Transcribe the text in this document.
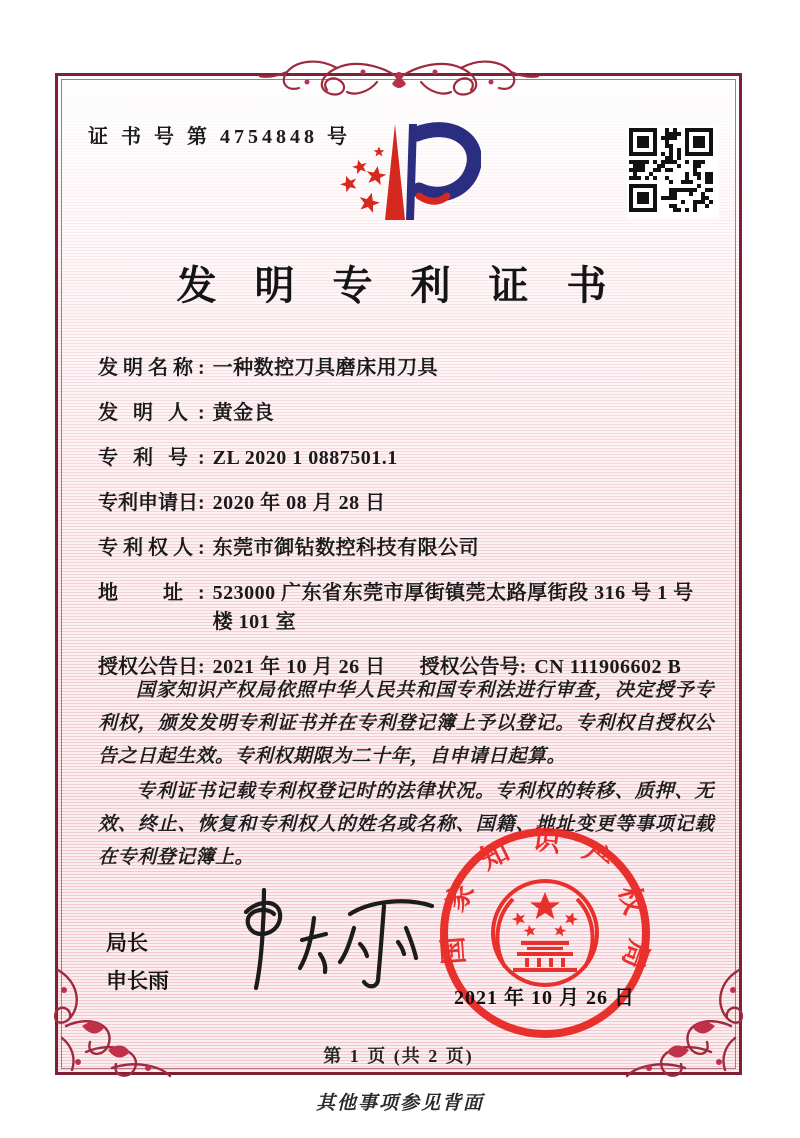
证 书 号 第 4754848 号
发 明 专 利 证 书
发 明 名 称 : 一种数控刀具磨床用刀具
发   明   人 : 黄金良
专   利   号 : ZL 2020 1 0887501.1
专利申请日 : 2020 年 08 月 28 日
专 利 权 人 : 东莞市御钻数控科技有限公司
地         址 : 523000 广东省东莞市厚街镇莞太路厚街段 316 号 1 号楼 101 室
授权公告日 : 2021 年 10 月 26 日 授权公告号 : CN 111906602 B

国家知识产权局依照中华人民共和国专利法进行审查，决定授予专利权，颁发发明专利证书并在专利登记簿上予以登记。专利权自授权公告之日起生效。专利权期限为二十年，自申请日起算。

专利证书记载专利权登记时的法律状况。专利权的转移、质押、无效、终止、恢复和专利权人的姓名或名称、国籍、地址变更等事项记载在专利登记簿上。

局长
申长雨
国家知识产权局
2021 年 10 月 26 日
第 1 页 (共 2 页)
其他事项参见背面
